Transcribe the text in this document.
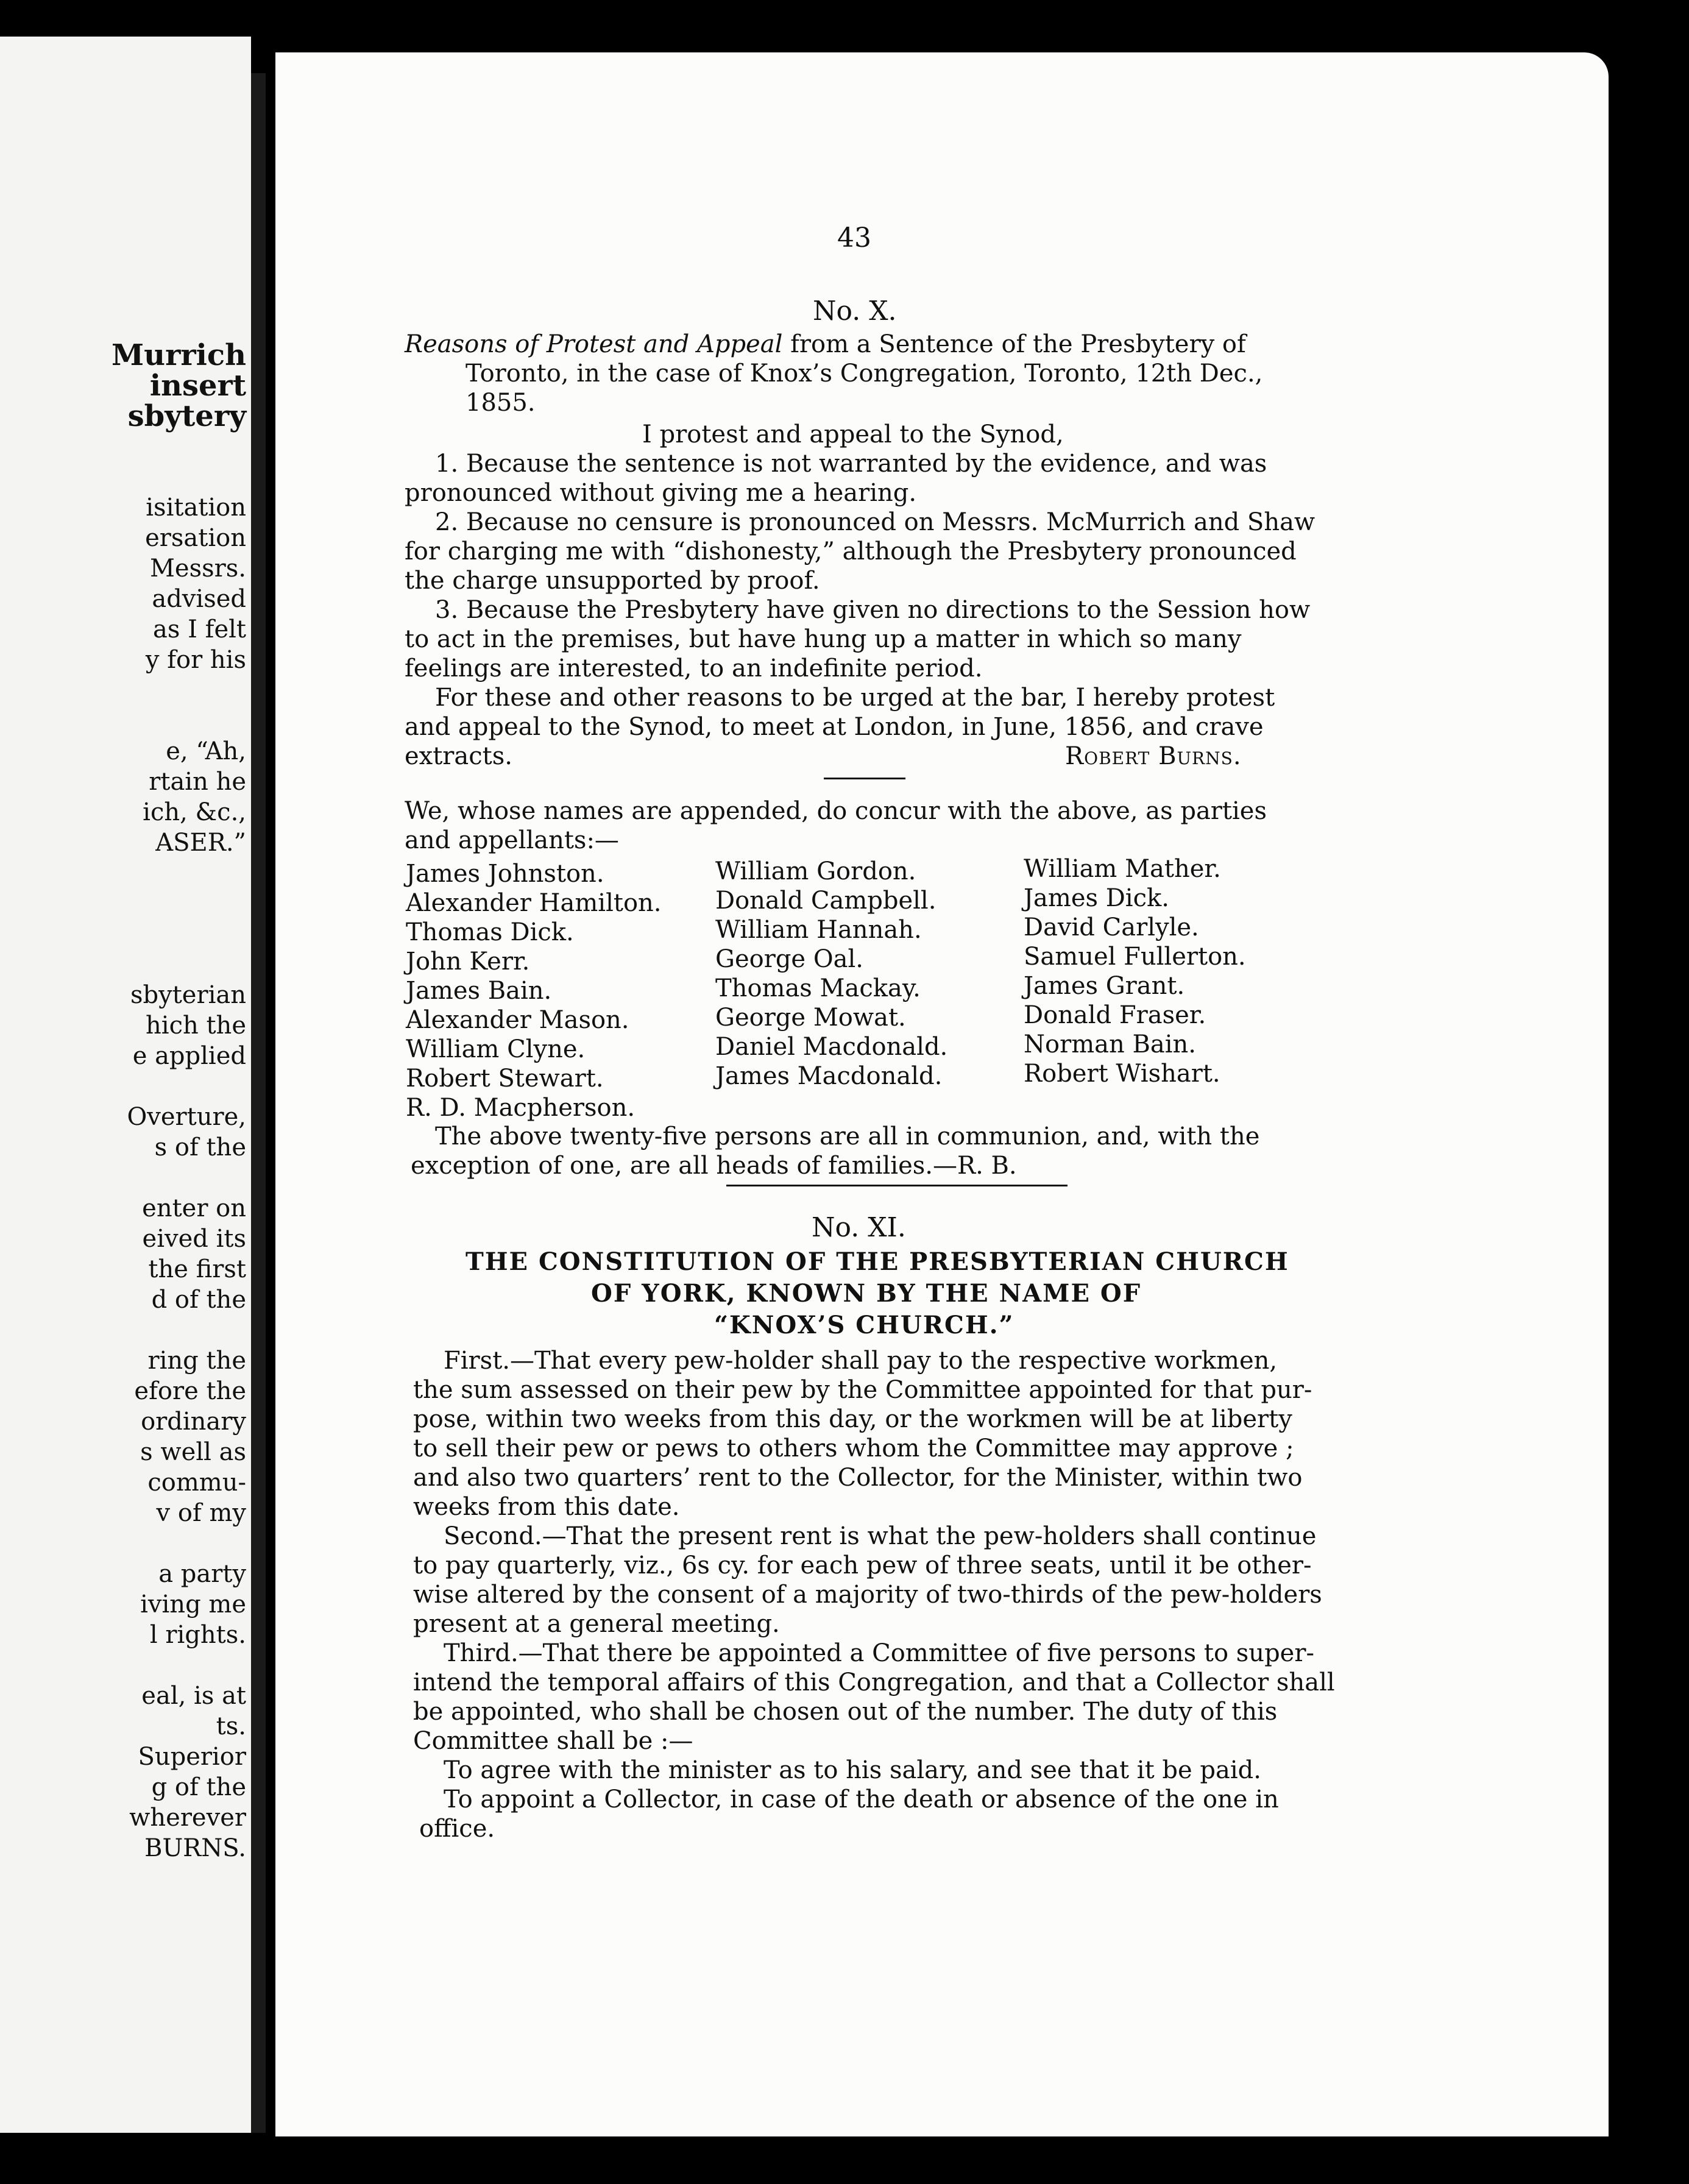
Murrich
insert
sbytery
isitation
ersation
Messrs.
advised
as I felt
y for his
e, “Ah,
rtain he
ich, &c.,
ASER.”
sbyterian
hich the
e applied
Overture,
s of the
enter on
eived its
the first
d of the
ring the
efore the
ordinary
s well as
commu-
v of my
a party
iving me
l rights.
eal, is at
ts.
Superior
g of the
wherever
BURNS.
43
No. X.
Reasons of Protest and Appeal from a Sentence of the Presbytery of
Toronto, in the case of Knox’s Congregation, Toronto, 12th Dec.,
1855.
I protest and appeal to the Synod,
1. Because the sentence is not warranted by the evidence, and was
pronounced without giving me a hearing.
2. Because no censure is pronounced on Messrs. McMurrich and Shaw
for charging me with “dishonesty,” although the Presbytery pronounced
the charge unsupported by proof.
3. Because the Presbytery have given no directions to the Session how
to act in the premises, but have hung up a matter in which so many
feelings are interested, to an indefinite period.
For these and other reasons to be urged at the bar, I hereby protest
and appeal to the Synod, to meet at London, in June, 1856, and crave
extracts.	Robert Burns.
We, whose names are appended, do concur with the above, as parties
and appellants:—
James Johnston.
Alexander Hamilton.
Thomas Dick.
John Kerr.
James Bain.
Alexander Mason.
William Clyne.
Robert Stewart.
R. D. Macpherson.
William Gordon.
Donald Campbell.
William Hannah.
George Oal.
Thomas Mackay.
George Mowat.
Daniel Macdonald.
James Macdonald.
William Mather.
James Dick.
David Carlyle.
Samuel Fullerton.
James Grant.
Donald Fraser.
Norman Bain.
Robert Wishart.
The above twenty-five persons are all in communion, and, with the
exception of one, are all heads of families.—R. B.
No. XI.
THE CONSTITUTION OF THE PRESBYTERIAN CHURCH
OF YORK, KNOWN BY THE NAME OF
“KNOX’S CHURCH.”
First.—That every pew-holder shall pay to the respective workmen,
the sum assessed on their pew by the Committee appointed for that pur-
pose, within two weeks from this day, or the workmen will be at liberty
to sell their pew or pews to others whom the Committee may approve ;
and also two quarters’ rent to the Collector, for the Minister, within two
weeks from this date.
Second.—That the present rent is what the pew-holders shall continue
to pay quarterly, viz., 6s cy. for each pew of three seats, until it be other-
wise altered by the consent of a majority of two-thirds of the pew-holders
present at a general meeting.
Third.—That there be appointed a Committee of five persons to super-
intend the temporal affairs of this Congregation, and that a Collector shall
be appointed, who shall be chosen out of the number. The duty of this
Committee shall be :—
To agree with the minister as to his salary, and see that it be paid.
To appoint a Collector, in case of the death or absence of the one in
office.
